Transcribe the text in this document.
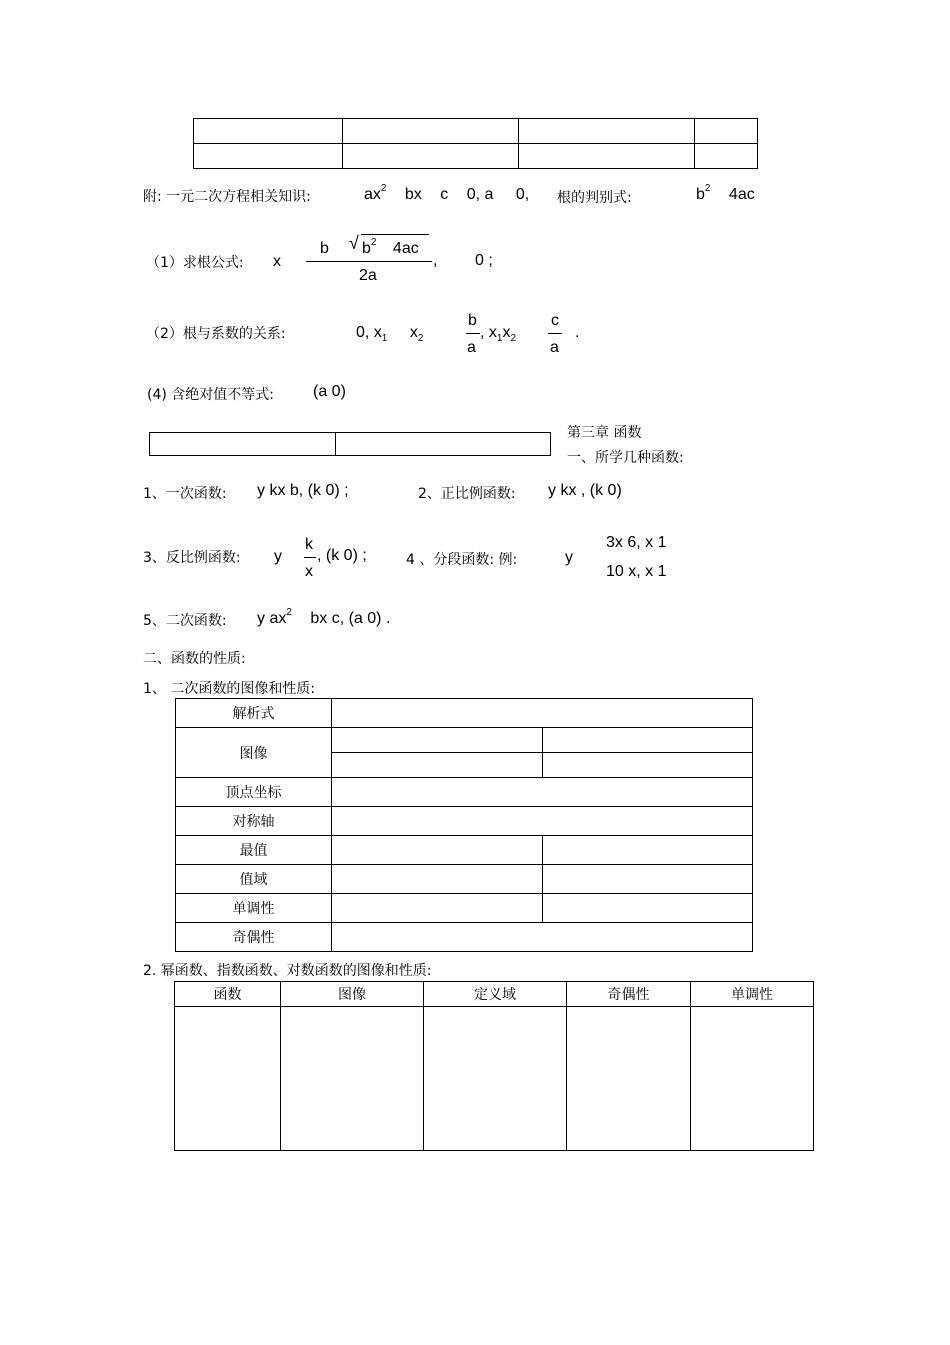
附: 一元二次方程相关知识:	$ax^2$ bx c 0, a 0, 根的判别式:	$b^2$ 4ac
（1）求根公式: x
b √ $b^2$ 4ac
2a
, 0 ;
（2）根与系数的关系:	0, $x_1$ $x_2$
b
a
, $x_1x_2$
c
a
.
(4) 含绝对值不等式: (a 0)

第三章 函数
一、所学几种函数:
1、一次函数: y kx b, (k 0) ;	2、正比例函数: y kx , (k 0)
3、反比例函数: y
k
x
, (k 0) ;	4 、分段函数: 例:	y
3x 6, x 1
10 x, x 1
5、二次函数: y $ax^2$ bx c, (a 0) .
二、函数的性质:
1、 二次函数的图像和性质:
解析式		
图像		

顶点坐标		
对称轴		
最值		
值域		
单调性		
奇偶性		
2. 幂函数、指数函数、对数函数的图像和性质:
函数	图像	定义域	奇偶性	单调性
